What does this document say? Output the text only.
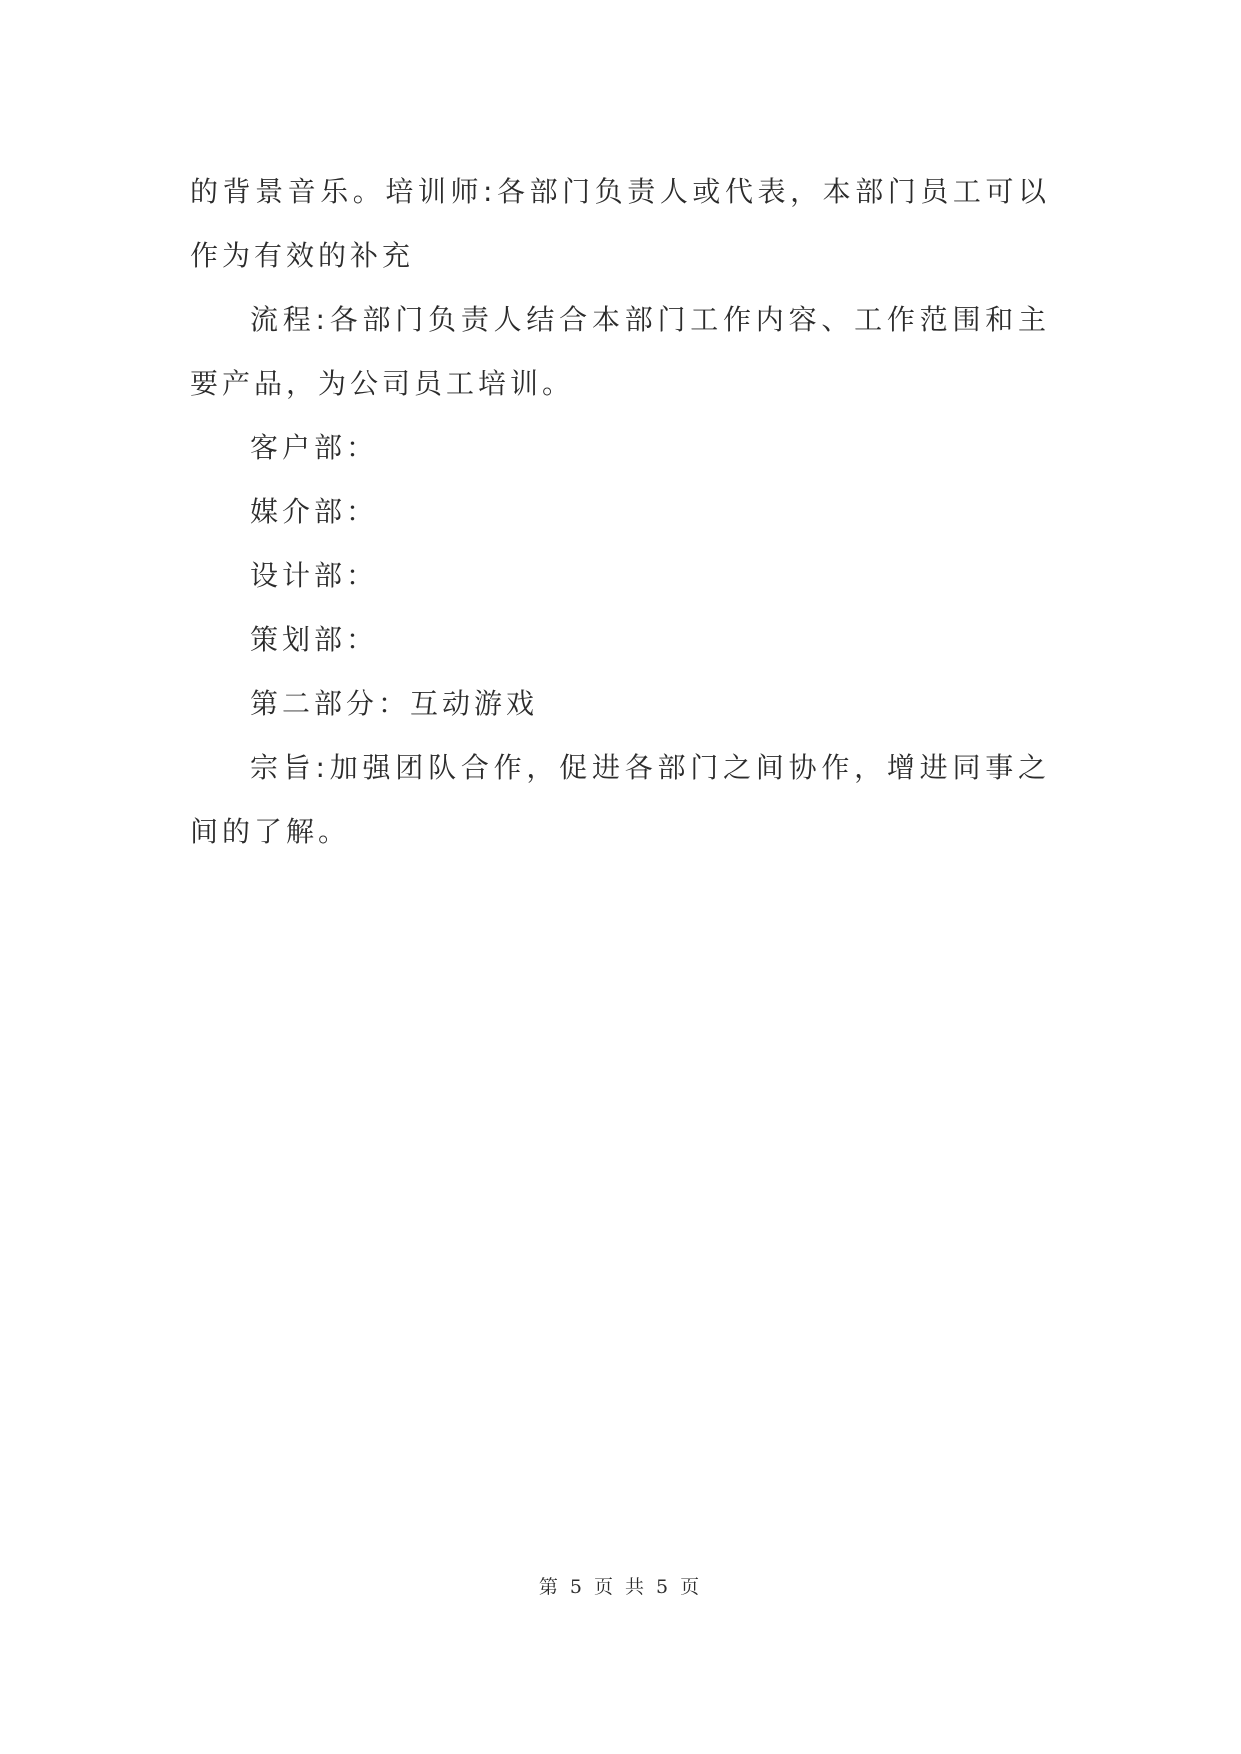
的背景音乐。培训师:各部门负责人或代表，本部门员工可以作为有效的补充

流程:各部门负责人结合本部门工作内容、工作范围和主要产品，为公司员工培训。

客户部：

媒介部：

设计部：

策划部：

第二部分：互动游戏

宗旨:加强团队合作，促进各部门之间协作，增进同事之间的了解。

第 5 页 共 5 页
